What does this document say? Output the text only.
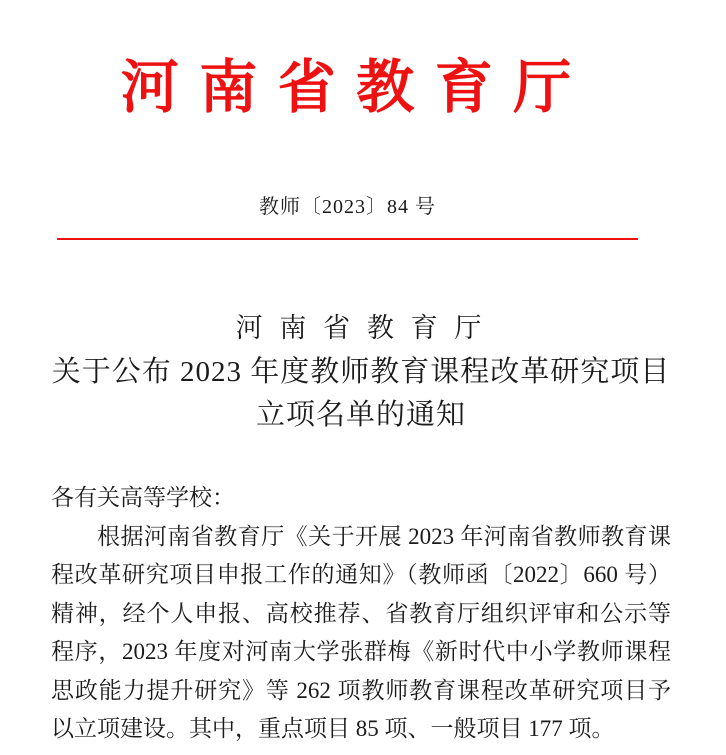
河 南 省 教 育 厅
教师〔2023〕84 号
河 南 省 教 育 厅
关于公布 2023 年度教师教育课程改革研究项目
立项名单的通知

各有关高等学校：

根据河南省教育厅《关于开展 2023 年河南省教师教育课程改革研究项目申报工作的通知》（教师函〔2022〕660 号）精神，经个人申报、高校推荐、省教育厅组织评审和公示等程序，2023 年度对河南大学张群梅《新时代中小学教师课程思政能力提升研究》等 262 项教师教育课程改革研究项目予以立项建设。其中，重点项目 85 项、一般项目 177 项。
